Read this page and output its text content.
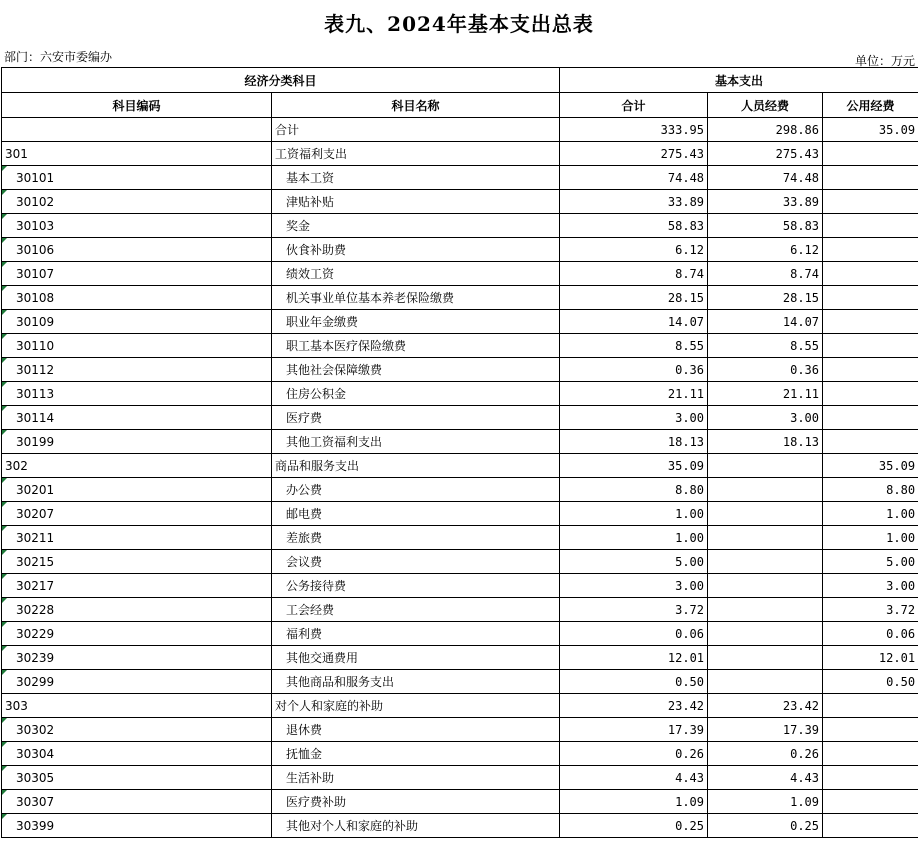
表九、2024年基本支出总表
部门：六安市委编办	单位：万元
经济分类科目		基本支出		
科目编码	科目名称	合计	人员经费	公用经费
	合计	333.95	298.86	35.09
301	工资福利支出	275.43	275.43	
30101	基本工资	74.48	74.48	
30102	津贴补贴	33.89	33.89	
30103	奖金	58.83	58.83	
30106	伙食补助费	6.12	6.12	
30107	绩效工资	8.74	8.74	
30108	机关事业单位基本养老保险缴费	28.15	28.15	
30109	职业年金缴费	14.07	14.07	
30110	职工基本医疗保险缴费	8.55	8.55	
30112	其他社会保障缴费	0.36	0.36	
30113	住房公积金	21.11	21.11	
30114	医疗费	3.00	3.00	
30199	其他工资福利支出	18.13	18.13	
302	商品和服务支出	35.09		35.09
30201	办公费	8.80		8.80
30207	邮电费	1.00		1.00
30211	差旅费	1.00		1.00
30215	会议费	5.00		5.00
30217	公务接待费	3.00		3.00
30228	工会经费	3.72		3.72
30229	福利费	0.06		0.06
30239	其他交通费用	12.01		12.01
30299	其他商品和服务支出	0.50		0.50
303	对个人和家庭的补助	23.42	23.42	
30302	退休费	17.39	17.39	
30304	抚恤金	0.26	0.26	
30305	生活补助	4.43	4.43	
30307	医疗费补助	1.09	1.09	
30399	其他对个人和家庭的补助	0.25	0.25	
